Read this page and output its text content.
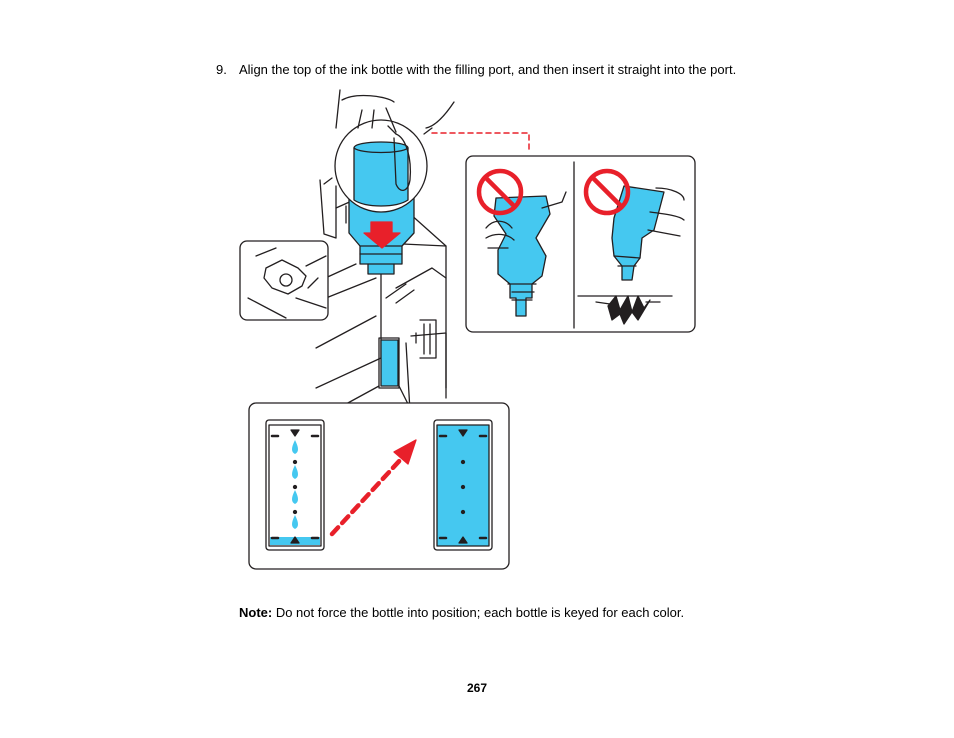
9. Align the top of the ink bottle with the filling port, and then insert it straight into the port.
Note: Do not force the bottle into position; each bottle is keyed for each color.
267
